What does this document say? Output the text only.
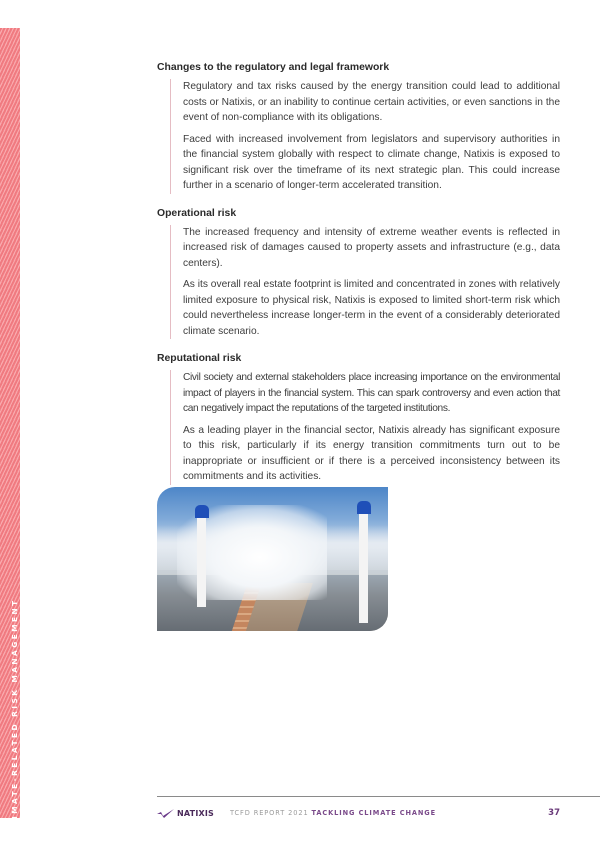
CLIMATE-RELATED RISK MANAGEMENT
Changes to the regulatory and legal framework

Regulatory and tax risks caused by the energy transition could lead to additional costs or Natixis, or an inability to continue certain activities, or even sanctions in the event of non-compliance with its obligations.

Faced with increased involvement from legislators and supervisory authorities in the financial system globally with respect to climate change, Natixis is exposed to significant risk over the timeframe of its next strategic plan. This could increase further in a scenario of longer-term accelerated transition.

Operational risk

The increased frequency and intensity of extreme weather events is reflected in increased risk of damages caused to property assets and infrastructure (e.g., data centers).

As its overall real estate footprint is limited and concentrated in zones with relatively limited exposure to physical risk, Natixis is exposed to limited short-term risk which could nevertheless increase longer-term in the event of a considerably deteriorated climate scenario.

Reputational risk

Civil society and external stakeholders place increasing importance on the environmental impact of players in the financial system. This can spark controversy and even action that can negatively impact the reputations of the targeted institutions.

As a leading player in the financial sector, Natixis already has significant exposure to this risk, particularly if its energy transition commitments turn out to be inappropriate or insufficient or if there is a perceived inconsistency between its commitments and its activities.

NATIXIS TCFD REPORT 2021 TACKLING CLIMATE CHANGE	37
